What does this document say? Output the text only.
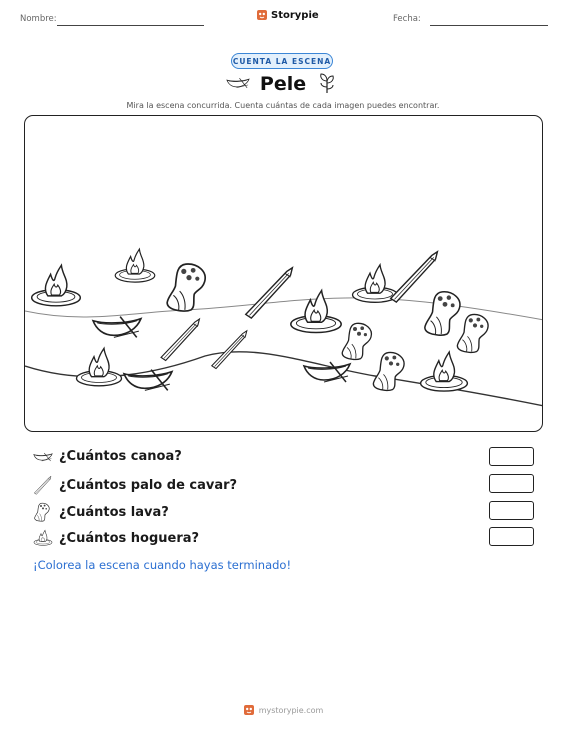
Nombre:	Storypie	Fecha:
CUENTA LA ESCENA
Pele
Mira la escena concurrida. Cuenta cuántas de cada imagen puedes encontrar.
¿Cuántos canoa?
¿Cuántos palo de cavar?
¿Cuántos lava?
¿Cuántos hoguera?
¡Colorea la escena cuando hayas terminado!
mystorypie.com
